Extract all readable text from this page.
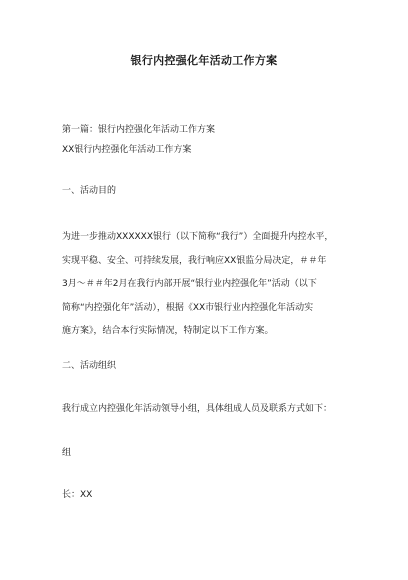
银行内控强化年活动工作方案
第一篇：银行内控强化年活动工作方案
XX银行内控强化年活动工作方案
一、活动目的
为进一步推动XXXXXX银行（以下简称“我行”）全面提升内控水平，
实现平稳、安全、可持续发展，我行响应XX银监分局决定，＃＃年
3月～＃＃年2月在我行内部开展“银行业内控强化年”活动（以下
简称“内控强化年”活动），根据《XX市银行业内控强化年活动实
施方案》，结合本行实际情况，特制定以下工作方案。
二、活动组织
我行成立内控强化年活动领导小组，具体组成人员及联系方式如下：
组
长：XX
